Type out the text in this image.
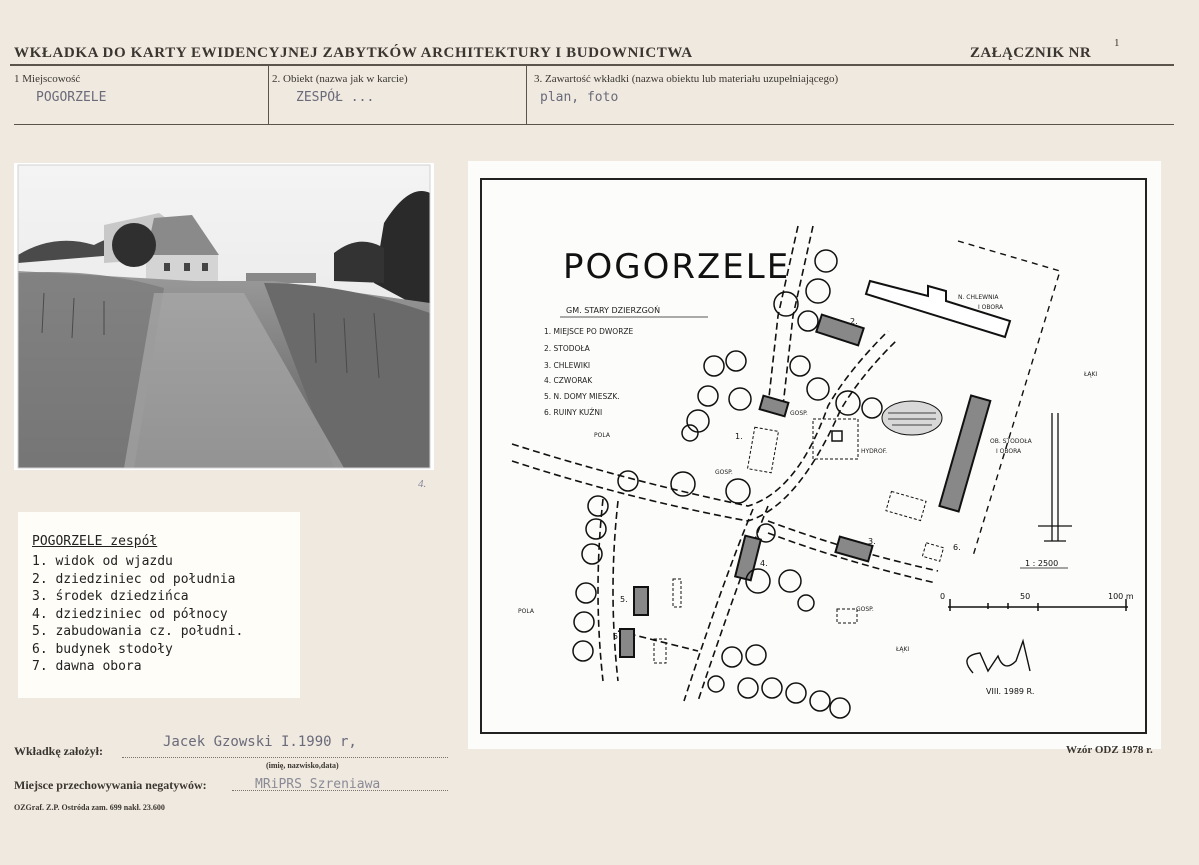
WKŁADKA DO KARTY EWIDENCYJNEJ ZABYTKÓW ARCHITEKTURY I BUDOWNICTWA	ZAŁĄCZNIK NR
1
1 Miejscowość
POGORZELE
2. Obiekt (nazwa jak w karcie)
ZESPÓŁ ...
3. Zawartość wkładki (nazwa obiektu lub materiału uzupełniającego)
plan, foto
4.
POGORZELE zespół
1. widok od wjazdu
2. dziedziniec od południa
3. środek dziedzińca
4. dziedziniec od północy
5. zabudowania cz. południ.
6. budynek stodoły
7. dawna obora
POGORZELE
GM. STARY DZIERZGOŃ
1. MIEJSCE PO DWORZE
2. STODOŁA
3. CHLEWIKI
4. CZWORAK
5. N. DOMY MIESZK.
6. RUINY KUŹNI
1.
2.
3.
4.
5.
5.
6.
N. CHLEWNIA
I OBORA
OB. STODOŁA
I OBORA
HYDROF.
GOSP.
GOSP.
GOSP.
POLA
POLA
ŁĄKI
ŁĄKI
1 : 2500
0	50	100 m
VIII. 1989 R.
Wzór ODZ 1978 r.
Wkładkę założył:
Jacek Gzowski I.1990 r,
(imię, nazwisko,data)
Miejsce przechowywania negatywów:	MRiPRS Szreniawa
OZGraf. Z.P. Ostróda zam. 699 nakł. 23.600
